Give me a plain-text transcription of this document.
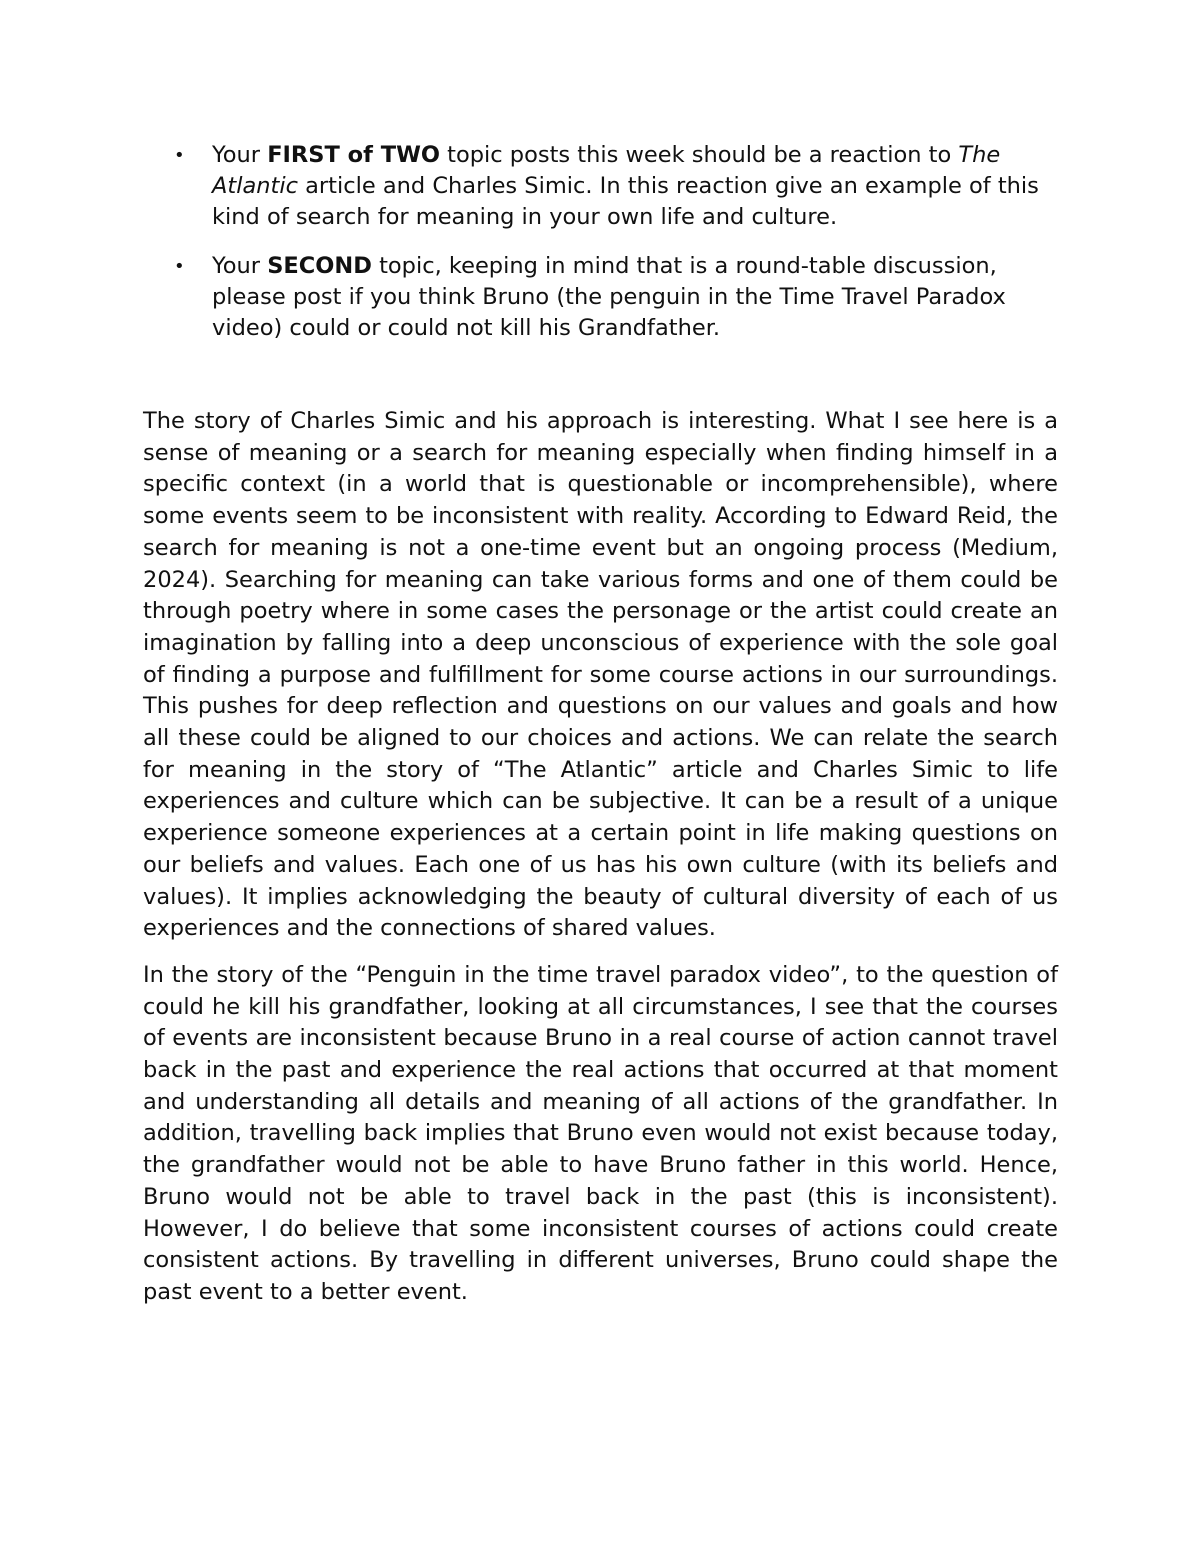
• Your FIRST of TWO topic posts this week should be a reaction to The Atlantic article and Charles Simic. In this reaction give an example of this kind of search for meaning in your own life and culture.
• Your SECOND topic, keeping in mind that is a round-table discussion, please post if you think Bruno (the penguin in the Time Travel Paradox video) could or could not kill his Grandfather.

The story of Charles Simic and his approach is interesting. What I see here is a sense of meaning or a search for meaning especially when finding himself in a specific context (in a world that is questionable or incomprehensible), where some events seem to be inconsistent with reality. According to Edward Reid, the search for meaning is not a one-time event but an ongoing process (Medium, 2024). Searching for meaning can take various forms and one of them could be through poetry where in some cases the personage or the artist could create an imagination by falling into a deep unconscious of experience with the sole goal of finding a purpose and fulfillment for some course actions in our surroundings. This pushes for deep reflection and questions on our values and goals and how all these could be aligned to our choices and actions. We can relate the search for meaning in the story of “The Atlantic” article and Charles Simic to life experiences and culture which can be subjective. It can be a result of a unique experience someone experiences at a certain point in life making questions on our beliefs and values. Each one of us has his own culture (with its beliefs and values). It implies acknowledging the beauty of cultural diversity of each of us experiences and the connections of shared values.

In the story of the “Penguin in the time travel paradox video”, to the question of could he kill his grandfather, looking at all circumstances, I see that the courses of events are inconsistent because Bruno in a real course of action cannot travel back in the past and experience the real actions that occurred at that moment and understanding all details and meaning of all actions of the grandfather. In addition, travelling back implies that Bruno even would not exist because today, the grandfather would not be able to have Bruno father in this world. Hence, Bruno would not be able to travel back in the past (this is inconsistent). However, I do believe that some inconsistent courses of actions could create consistent actions. By travelling in different universes, Bruno could shape the past event to a better event.
